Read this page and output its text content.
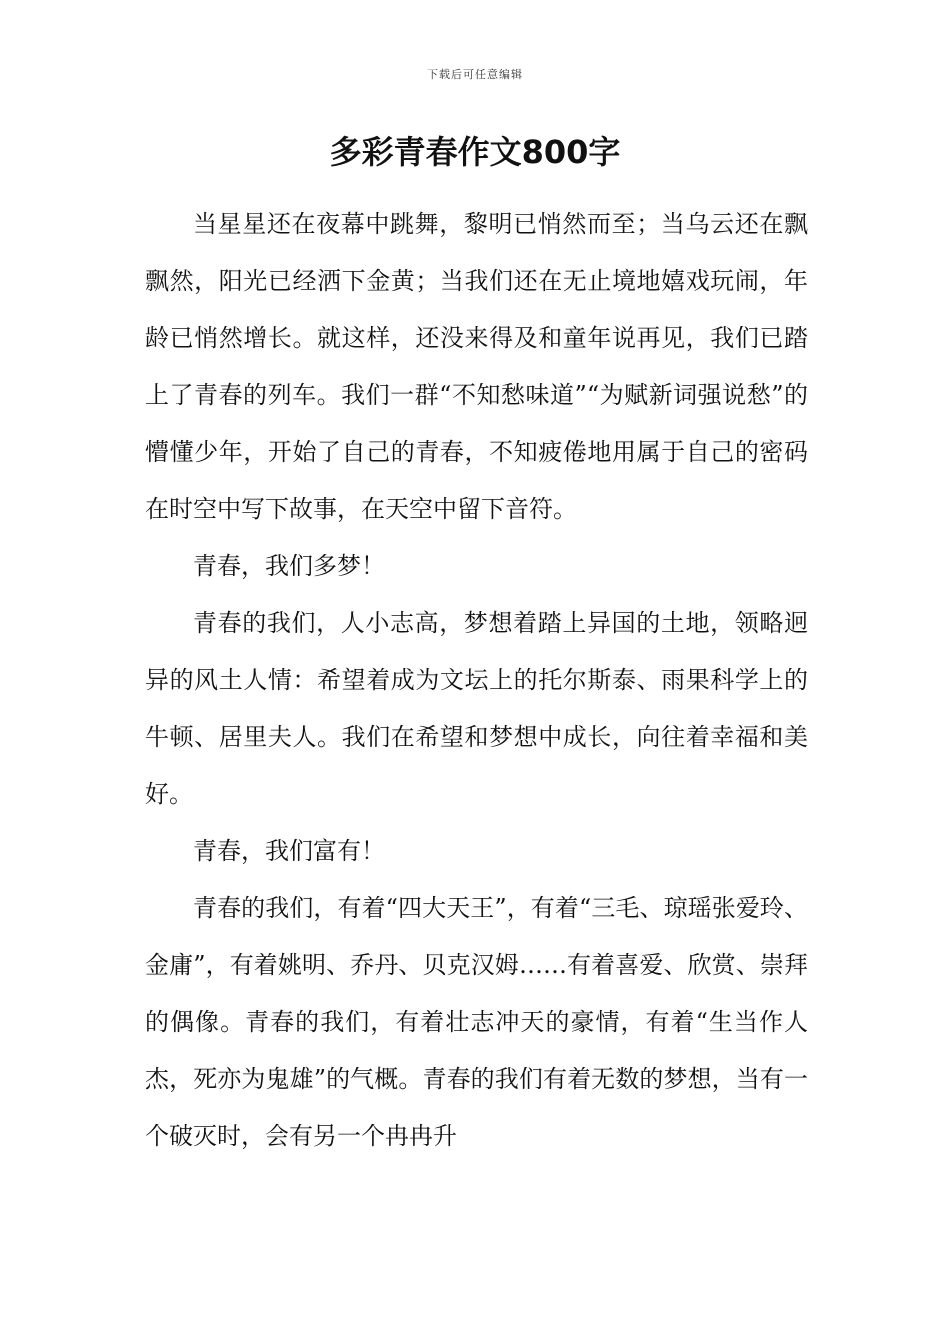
下载后可任意编辑
多彩青春作文800字

当星星还在夜幕中跳舞，黎明已悄然而至；当乌云还在飘飘然，阳光已经洒下金黄；当我们还在无止境地嬉戏玩闹，年龄已悄然增长。就这样，还没来得及和童年说再见，我们已踏上了青春的列车。我们一群“不知愁味道”“为赋新词强说愁”的懵懂少年，开始了自己的青春，不知疲倦地用属于自己的密码在时空中写下故事，在天空中留下音符。

青春，我们多梦！

青春的我们，人小志高，梦想着踏上异国的土地，领略迥异的风土人情：希望着成为文坛上的托尔斯泰、雨果科学上的牛顿、居里夫人。我们在希望和梦想中成长，向往着幸福和美好。

青春，我们富有！

青春的我们，有着“四大天王”，有着“三毛、琼瑶张爱玲、金庸”，有着姚明、乔丹、贝克汉姆……有着喜爱、欣赏、崇拜的偶像。青春的我们，有着壮志冲天的豪情，有着“生当作人杰，死亦为鬼雄”的气概。青春的我们有着无数的梦想，当有一个破灭时，会有另一个冉冉升
